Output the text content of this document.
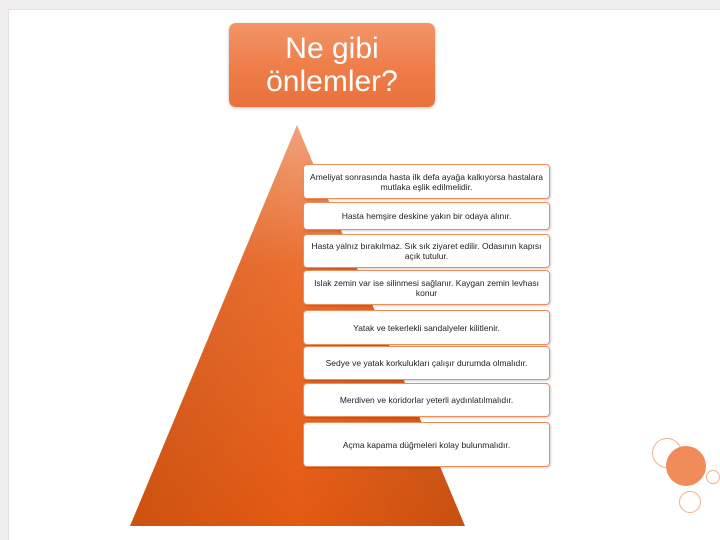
Ne gibi
önlemler?
Ameliyat sonrasında hasta ilk defa ayağa kalkıyorsa hastalara mutlaka eşlik edilmelidir.
Hasta hemşire deskine yakın bir odaya alınır.
Hasta yalnız bırakılmaz. Sık sık ziyaret edilir. Odasının kapısı açık tutulur.
Islak zemin var ise silinmesi sağlanır. Kaygan zemin levhası konur
Yatak ve tekerlekli sandalyeler kilitlenir.
Sedye ve yatak korkulukları çalışır durumda olmalıdır.
Merdiven ve koridorlar yeterli aydınlatılmalıdır.
Açma kapama düğmeleri kolay bulunmalıdır.
